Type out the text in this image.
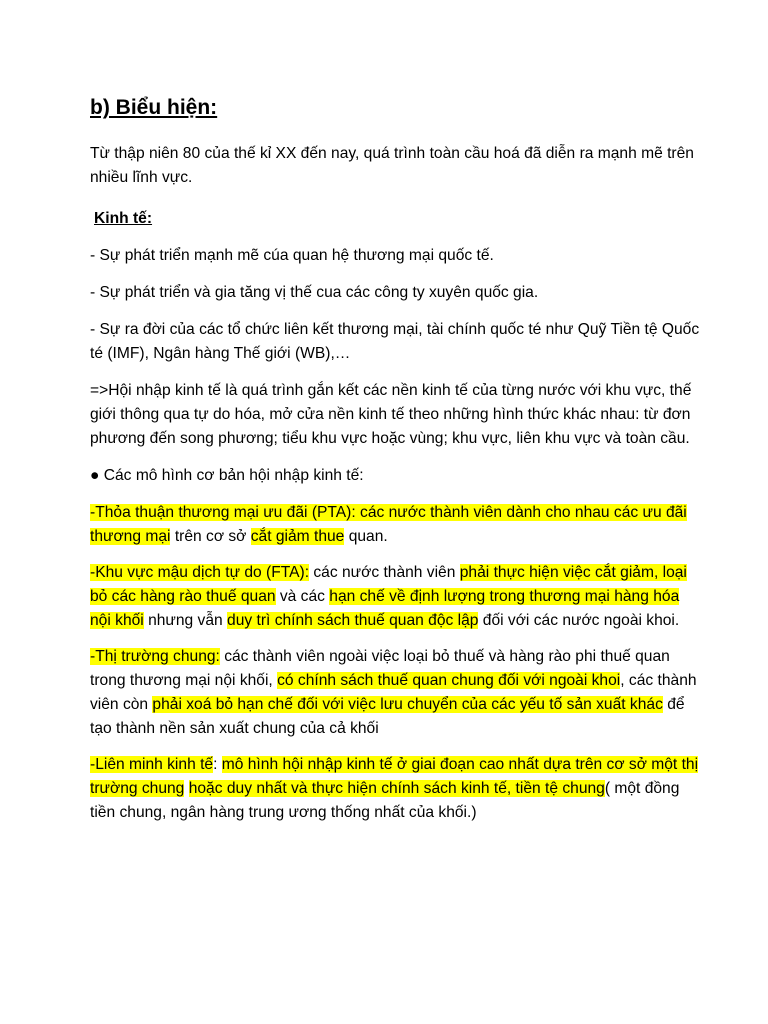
b) Biểu hiện:

Từ thập niên 80 của thế kỉ XX đến nay, quá trình toàn cầu hoá đã diễn ra mạnh mẽ trên nhiều lĩnh vực.

Kinh tế:

- Sự phát triển mạnh mẽ cúa quan hệ thương mại quốc tế.

- Sự phát triển và gia tăng vị thế cua các công ty xuyên quốc gia.

- Sự ra đời của các tổ chức liên kết thương mại, tài chính quốc té như Quỹ Tiền tệ Quốc té (IMF), Ngân hàng Thế giới (WB),…

=>Hội nhập kinh tế là quá trình gắn kết các nền kinh tế của từng nước với khu vực, thế giới thông qua tự do hóa, mở cửa nền kinh tế theo những hình thức khác nhau: từ đơn phương đến song phương; tiểu khu vực hoặc vùng; khu vực, liên khu vực và toàn cầu.

● Các mô hình cơ bản hội nhập kinh tế:

-Thỏa thuận thương mại ưu đãi (PTA): các nước thành viên dành cho nhau các ưu đãi thương mại trên cơ sở cắt giảm thue quan.

-Khu vực mậu dịch tự do (FTA): các nước thành viên phải thực hiện việc cắt giảm, loại bỏ các hàng rào thuế quan và các hạn chế về định lượng trong thương mại hàng hóa nội khối nhưng vẫn duy trì chính sách thuế quan độc lập đối với các nước ngoài khoi.

-Thị trường chung: các thành viên ngoài việc loại bỏ thuế và hàng rào phi thuế quan trong thương mại nội khối, có chính sách thuế quan chung đối với ngoài khoi, các thành viên còn phải xoá bỏ hạn chế đối với việc lưu chuyển của các yếu tố sản xuất khác để tạo thành nền sản xuất chung của cả khối

-Liên minh kinh tế: mô hình hội nhập kinh tế ở giai đoạn cao nhất dựa trên cơ sở một thị trường chung hoặc duy nhất và thực hiện chính sách kinh tế, tiền tệ chung( một đồng tiền chung, ngân hàng trung ương thống nhất của khối.)
